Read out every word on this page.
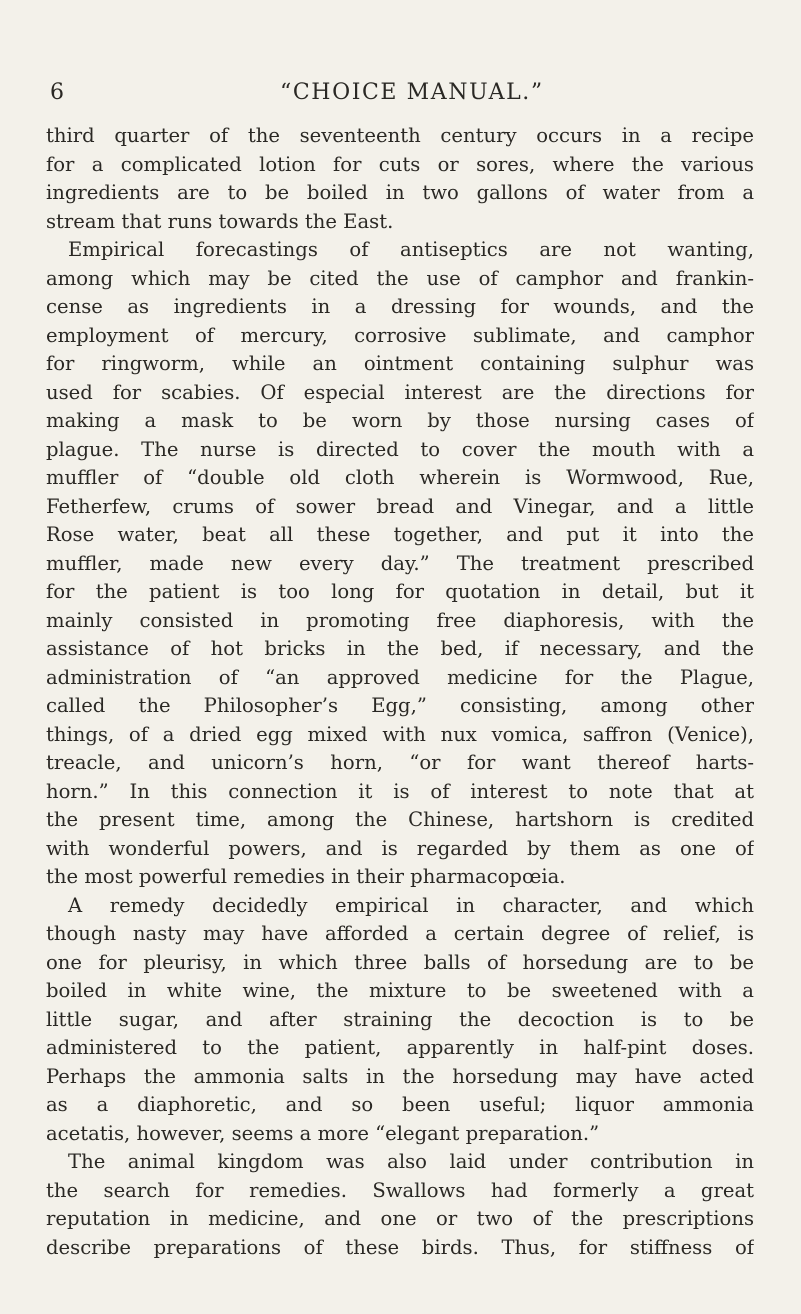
6	“CHOICE MANUAL.”
third quarter of the seventeenth century occurs in a recipe
for a complicated lotion for cuts or sores, where the various
ingredients are to be boiled in two gallons of water from a
stream that runs towards the East.
Empirical forecastings of antiseptics are not wanting,
among which may be cited the use of camphor and frankin-
cense as ingredients in a dressing for wounds, and the
employment of mercury, corrosive sublimate, and camphor
for ringworm, while an ointment containing sulphur was
used for scabies. Of especial interest are the directions for
making a mask to be worn by those nursing cases of
plague. The nurse is directed to cover the mouth with a
muffler of “double old cloth wherein is Wormwood, Rue,
Fetherfew, crums of sower bread and Vinegar, and a little
Rose water, beat all these together, and put it into the
muffler, made new every day.” The treatment prescribed
for the patient is too long for quotation in detail, but it
mainly consisted in promoting free diaphoresis, with the
assistance of hot bricks in the bed, if necessary, and the
administration of “an approved medicine for the Plague,
called the Philosopher’s Egg,” consisting, among other
things, of a dried egg mixed with nux vomica, saffron (Venice),
treacle, and unicorn’s horn, “or for want thereof harts-
horn.” In this connection it is of interest to note that at
the present time, among the Chinese, hartshorn is credited
with wonderful powers, and is regarded by them as one of
the most powerful remedies in their pharmacopœia.
A remedy decidedly empirical in character, and which
though nasty may have afforded a certain degree of relief, is
one for pleurisy, in which three balls of horsedung are to be
boiled in white wine, the mixture to be sweetened with a
little sugar, and after straining the decoction is to be
administered to the patient, apparently in half-pint doses.
Perhaps the ammonia salts in the horsedung may have acted
as a diaphoretic, and so been useful; liquor ammonia
acetatis, however, seems a more “elegant preparation.”
The animal kingdom was also laid under contribution in
the search for remedies. Swallows had formerly a great
reputation in medicine, and one or two of the prescriptions
describe preparations of these birds. Thus, for stiffness of
